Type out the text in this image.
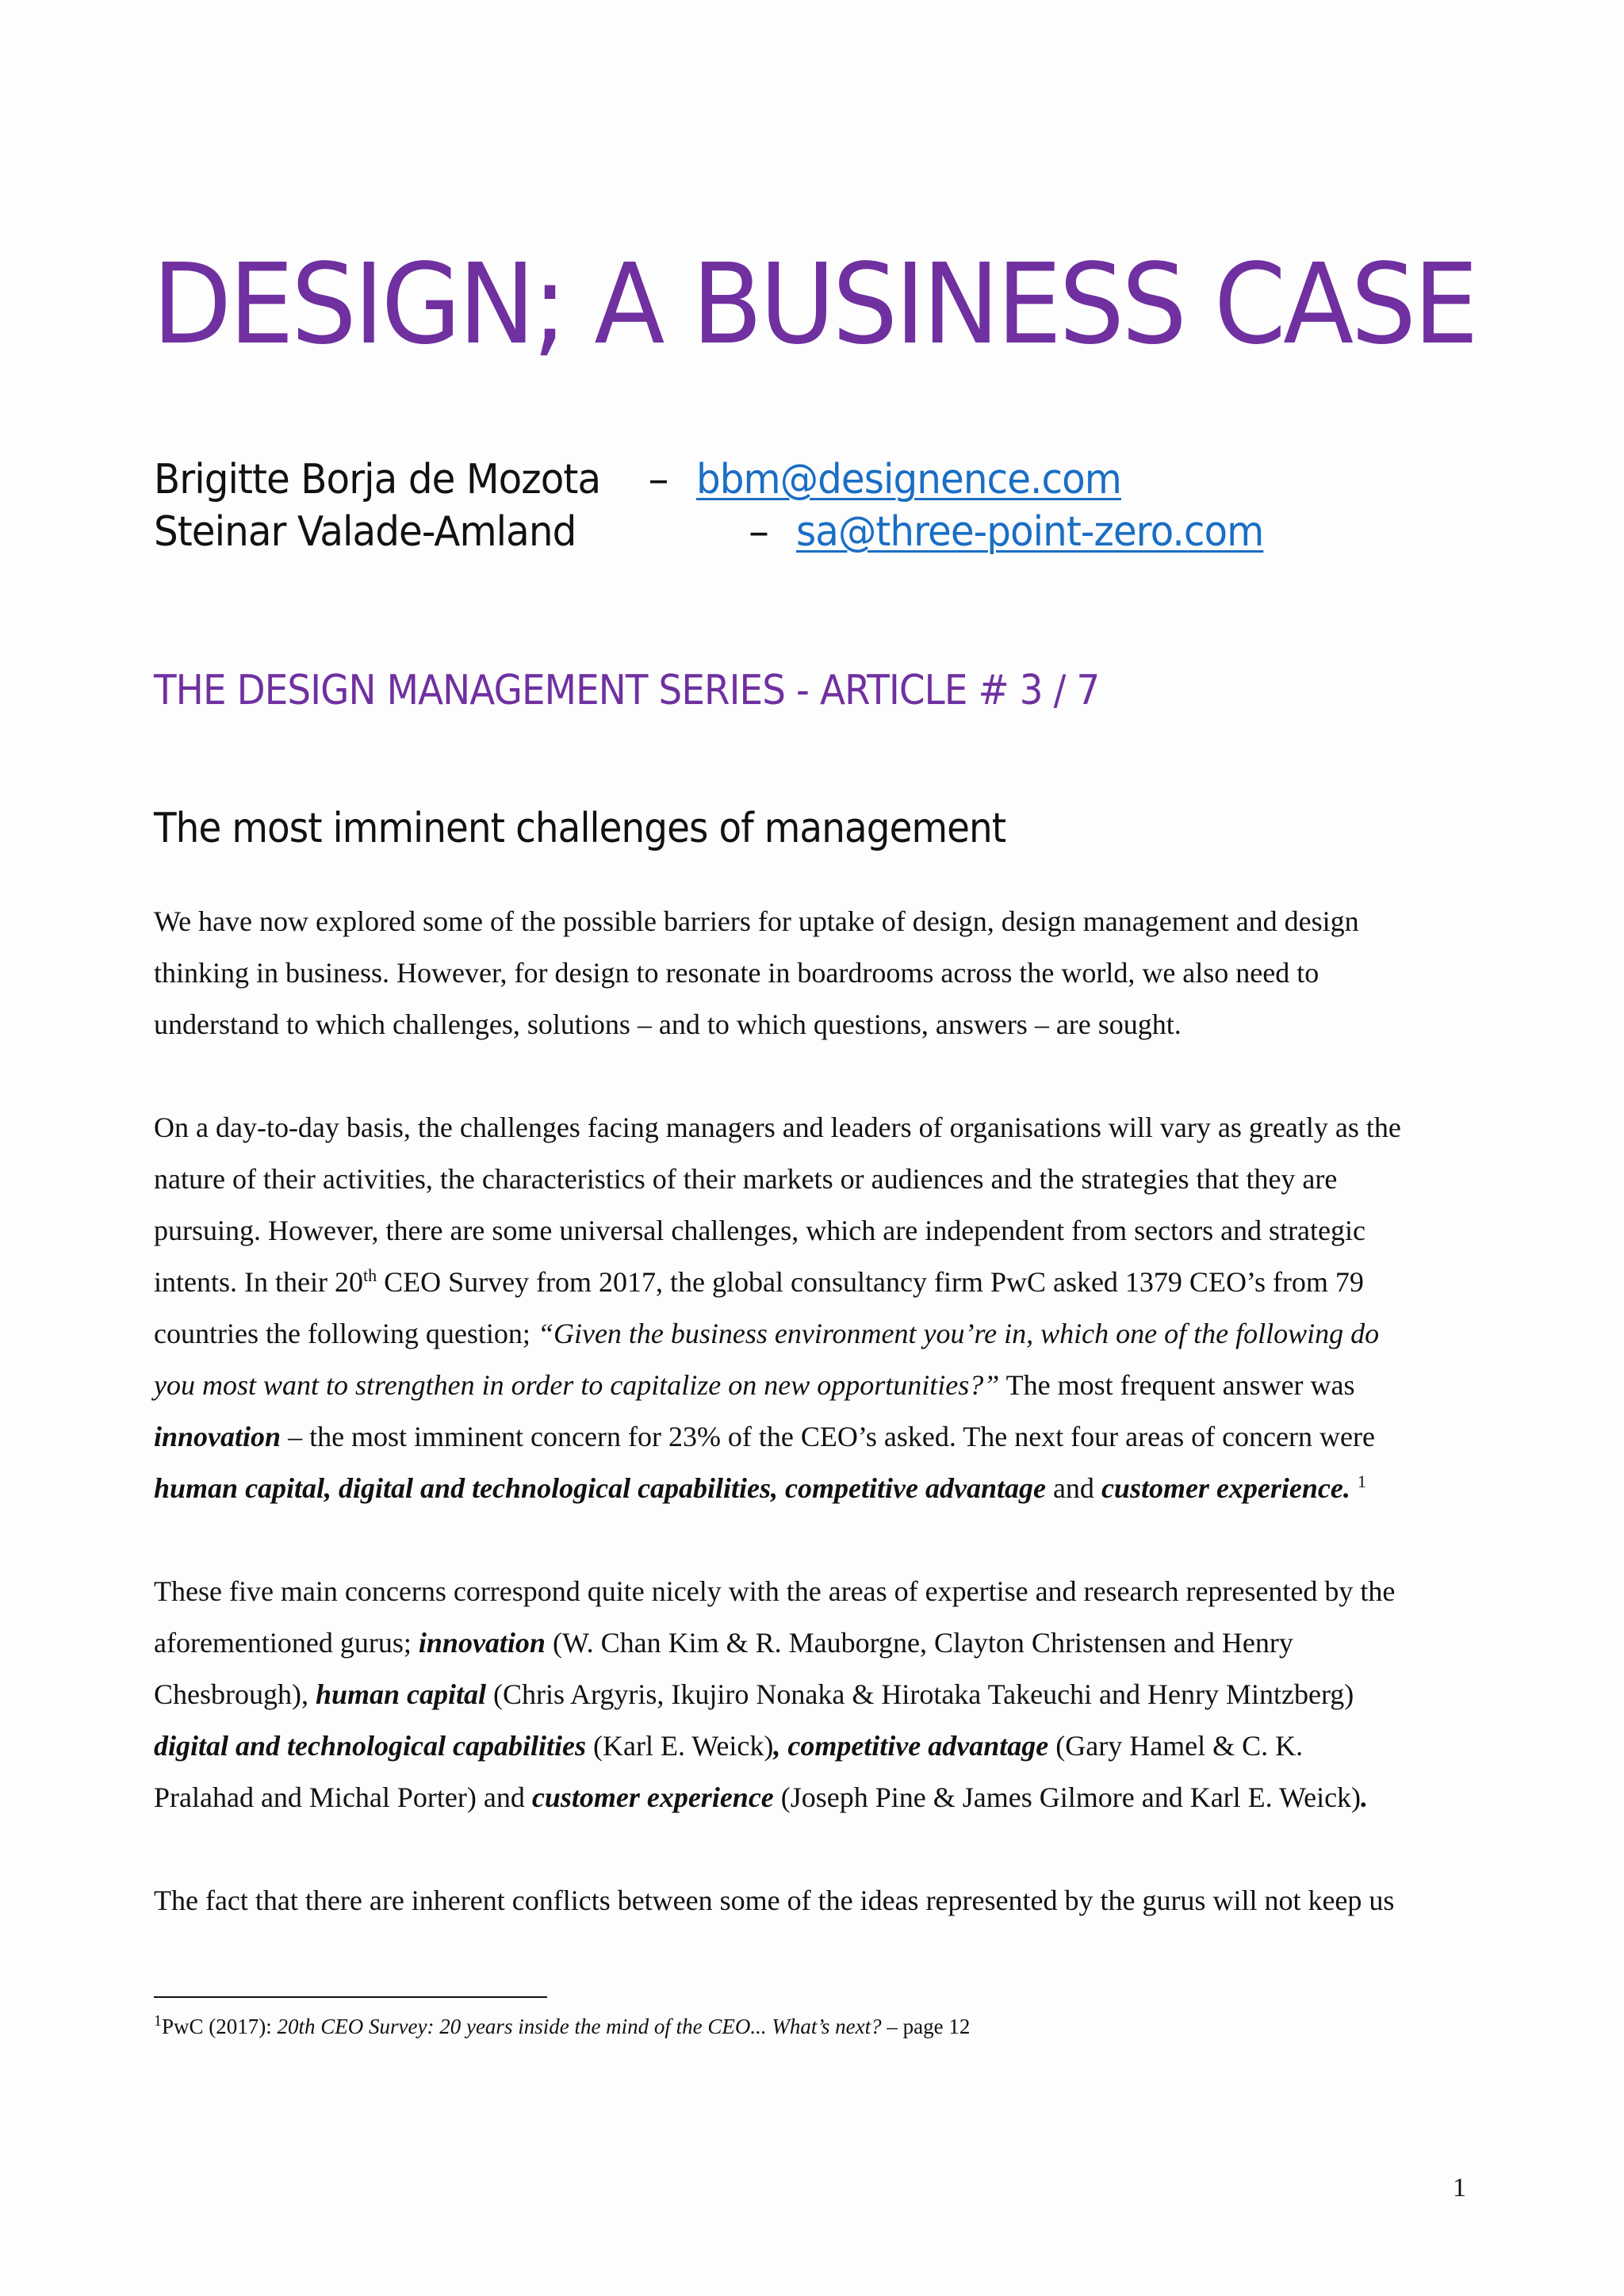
DESIGN; A BUSINESS CASE
Brigitte Borja de Mozota – bbm@designence.com
Steinar Valade-Amland	– sa@three-point-zero.com
THE DESIGN MANAGEMENT SERIES - ARTICLE # 3 / 7
The most imminent challenges of management

We have now explored some of the possible barriers for uptake of design, design management and design
thinking in business. However, for design to resonate in boardrooms across the world, we also need to
understand to which challenges, solutions – and to which questions, answers – are sought.

On a day-to-day basis, the challenges facing managers and leaders of organisations will vary as greatly as the
nature of their activities, the characteristics of their markets or audiences and the strategies that they are
pursuing. However, there are some universal challenges, which are independent from sectors and strategic
intents. In their 20th CEO Survey from 2017, the global consultancy firm PwC asked 1379 CEO’s from 79
countries the following question; “Given the business environment you’re in, which one of the following do
you most want to strengthen in order to capitalize on new opportunities?” The most frequent answer was
innovation – the most imminent concern for 23% of the CEO’s asked. The next four areas of concern were
human capital, digital and technological capabilities, competitive advantage and customer experience. $^1$

These five main concerns correspond quite nicely with the areas of expertise and research represented by the
aforementioned gurus; innovation (W. Chan Kim & R. Mauborgne, Clayton Christensen and Henry
Chesbrough), human capital (Chris Argyris, Ikujiro Nonaka & Hirotaka Takeuchi and Henry Mintzberg)
digital and technological capabilities (Karl E. Weick), competitive advantage (Gary Hamel & C. K.
Pralahad and Michal Porter) and customer experience (Joseph Pine & James Gilmore and Karl E. Weick).

The fact that there are inherent conflicts between some of the ideas represented by the gurus will not keep us

$^1$PwC (2017): 20th CEO Survey: 20 years inside the mind of the CEO... What’s next? – page 12
1
